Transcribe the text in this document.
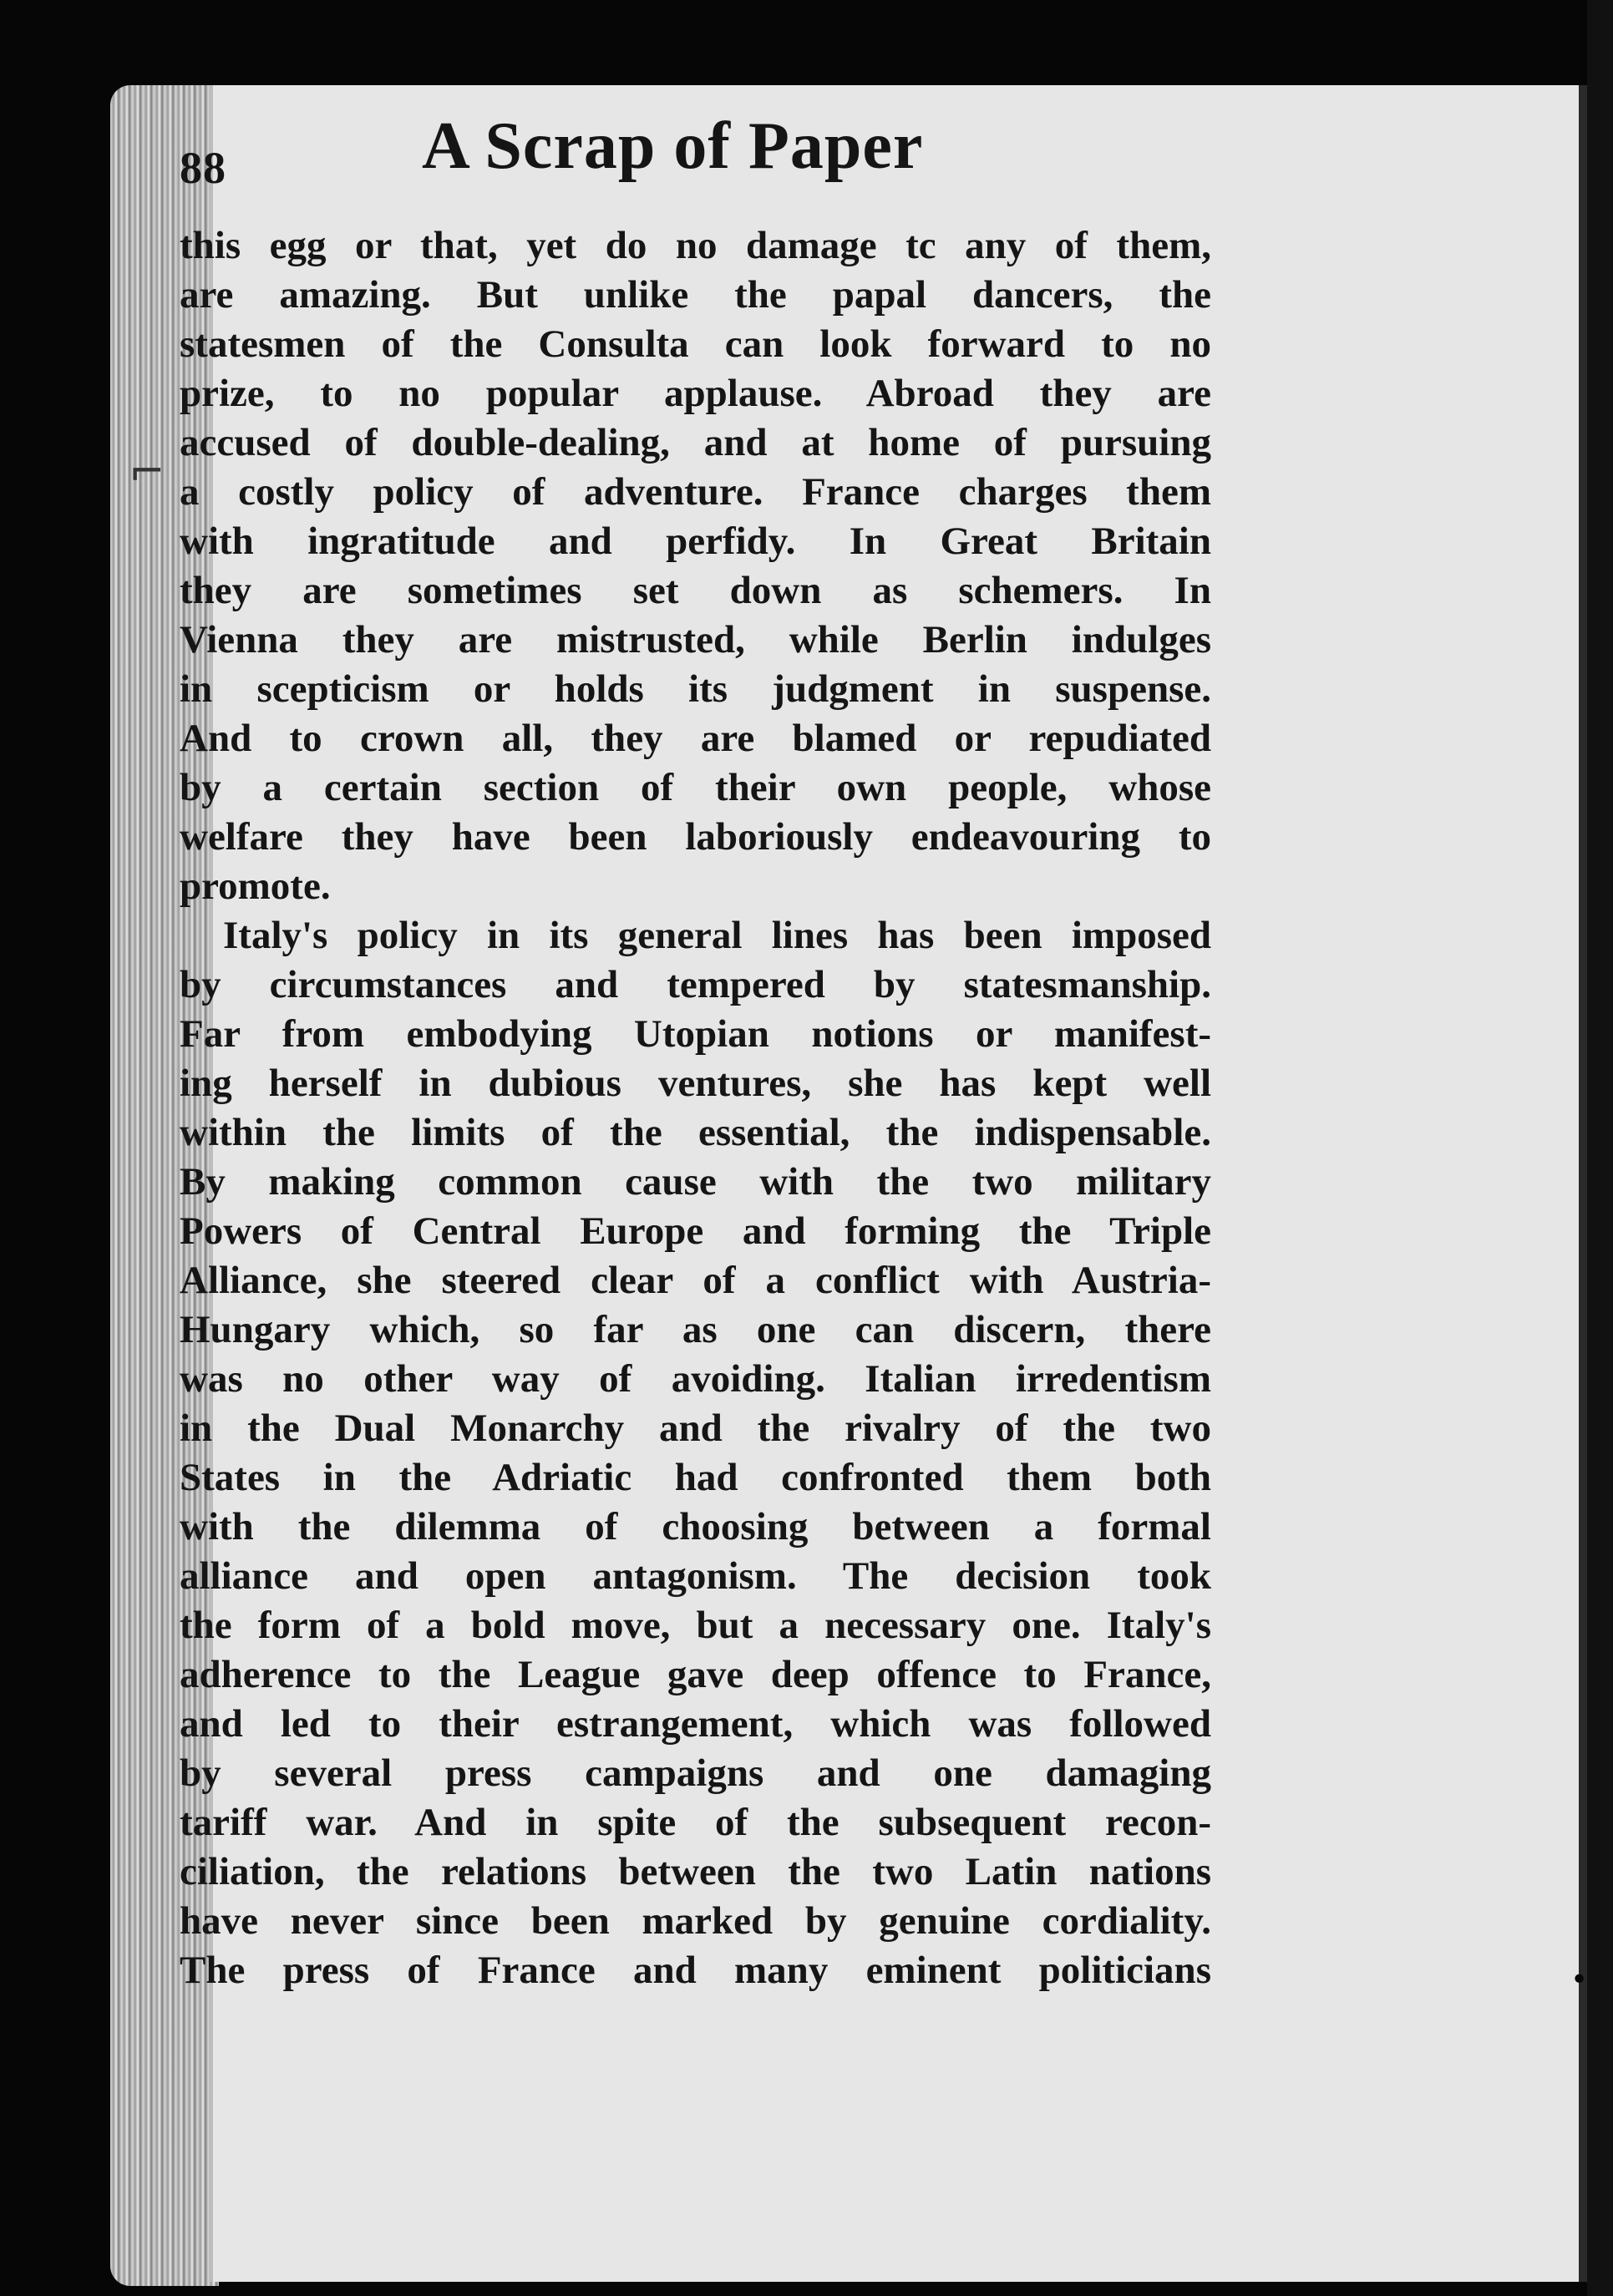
88	A Scrap of Paper
this egg or that, yet do no damage tc any of them,
are amazing. But unlike the papal dancers, the
statesmen of the Consulta can look forward to no
prize, to no popular applause. Abroad they are
accused of double-dealing, and at home of pursuing
a costly policy of adventure. France charges them
with ingratitude and perfidy. In Great Britain
they are sometimes set down as schemers. In
Vienna they are mistrusted, while Berlin indulges
in scepticism or holds its judgment in suspense.
And to crown all, they are blamed or repudiated
by a certain section of their own people, whose
welfare they have been laboriously endeavouring to
promote.
Italy's policy in its general lines has been imposed
by circumstances and tempered by statesmanship.
Far from embodying Utopian notions or manifest-
ing herself in dubious ventures, she has kept well
within the limits of the essential, the indispensable.
By making common cause with the two military
Powers of Central Europe and forming the Triple
Alliance, she steered clear of a conflict with Austria-
Hungary which, so far as one can discern, there
was no other way of avoiding. Italian irredentism
in the Dual Monarchy and the rivalry of the two
States in the Adriatic had confronted them both
with the dilemma of choosing between a formal
alliance and open antagonism. The decision took
the form of a bold move, but a necessary one. Italy's
adherence to the League gave deep offence to France,
and led to their estrangement, which was followed
by several press campaigns and one damaging
tariff war. And in spite of the subsequent recon-
ciliation, the relations between the two Latin nations
have never since been marked by genuine cordiality.
The press of France and many eminent politicians
⌐
•
